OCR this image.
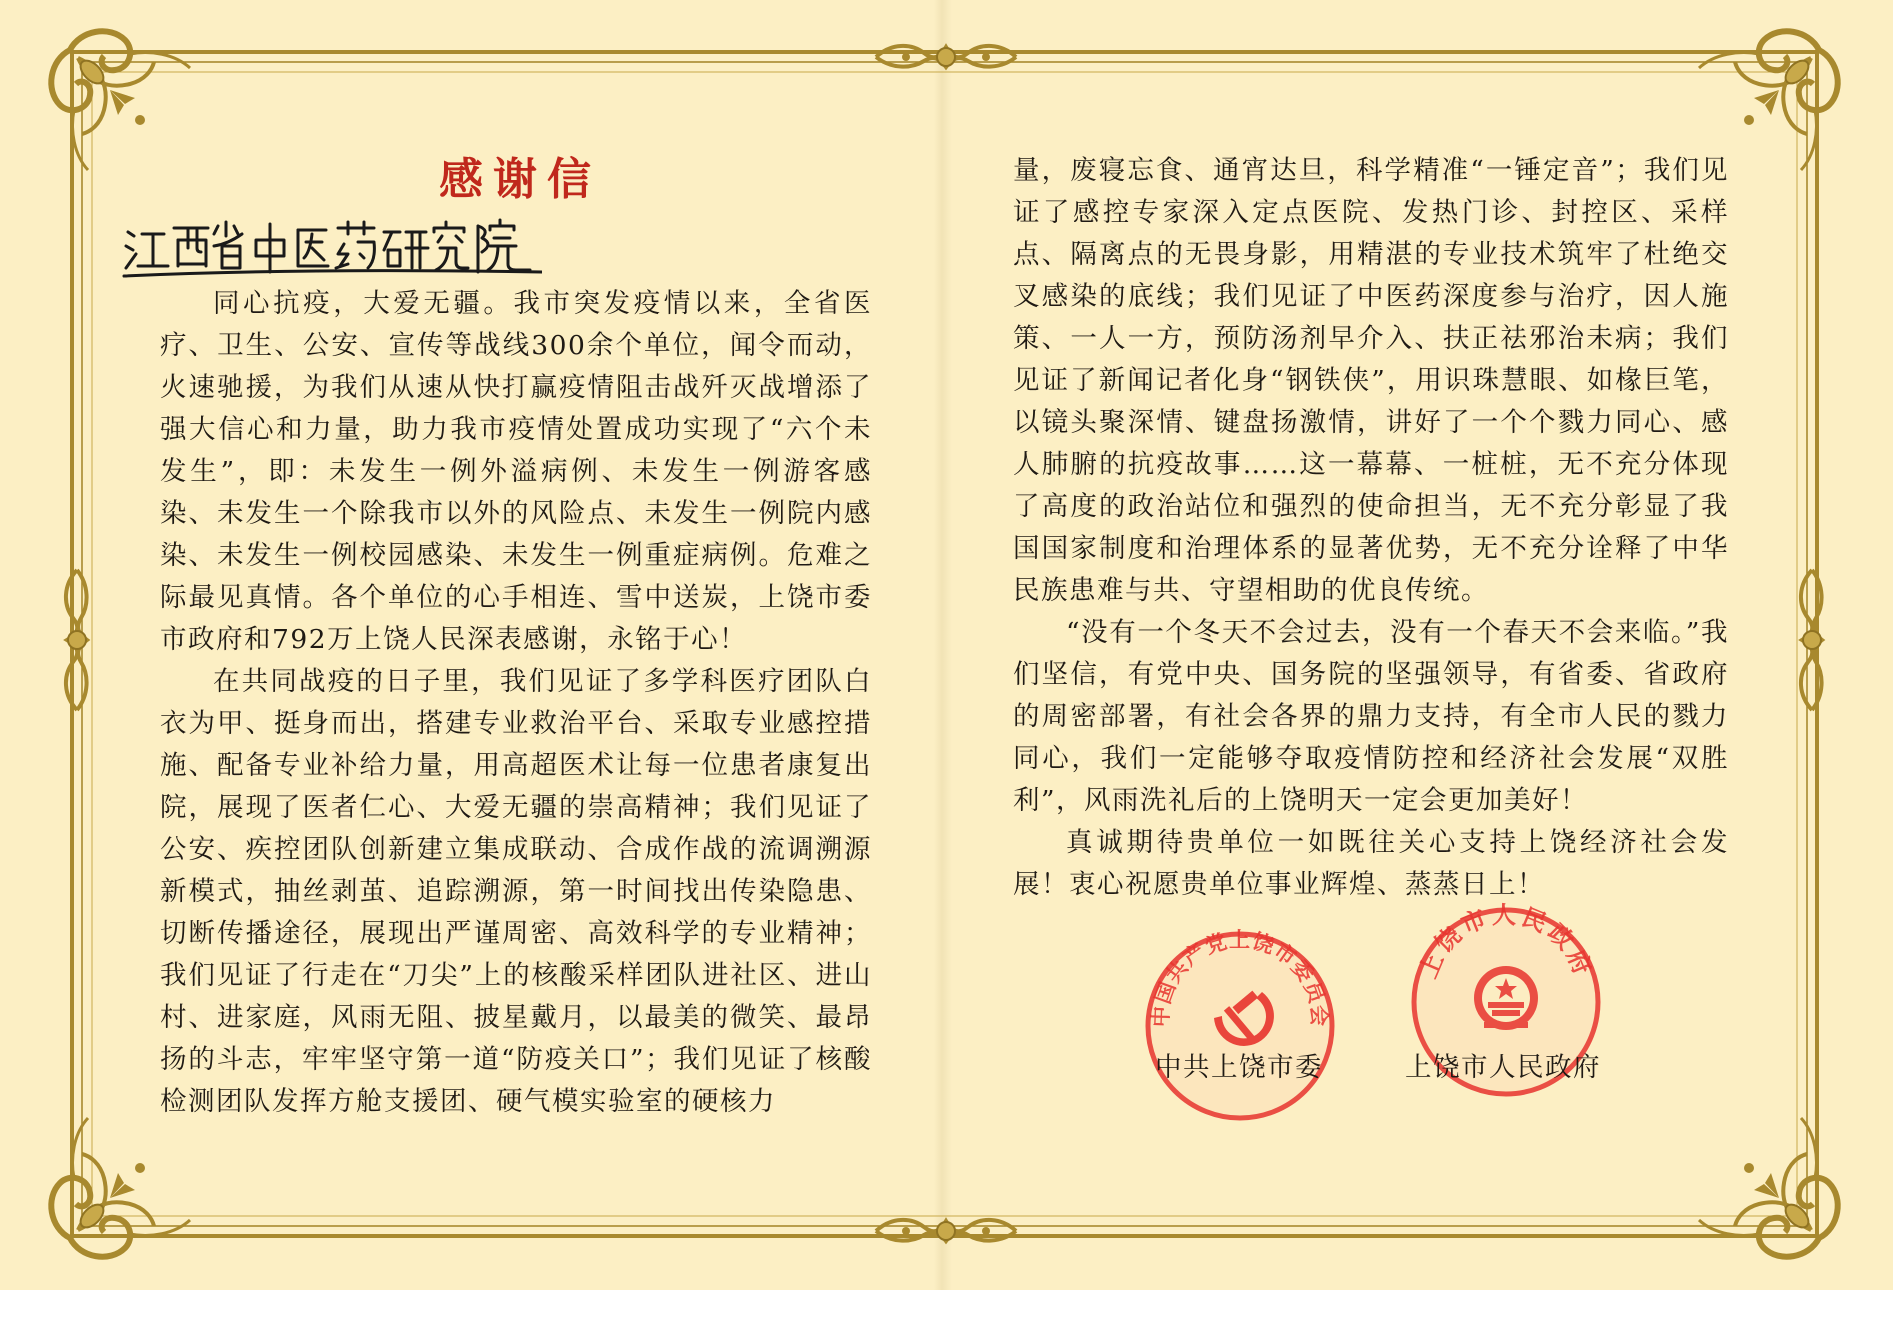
感谢信

同心抗疫，大爱无疆。我市突发疫情以来，全省医疗、卫生、公安、宣传等战线300余个单位，闻令而动，火速驰援，为我们从速从快打赢疫情阻击战歼灭战增添了强大信心和力量，助力我市疫情处置成功实现了“六个未发生”，即：未发生一例外溢病例、未发生一例游客感染、未发生一个除我市以外的风险点、未发生一例院内感染、未发生一例校园感染、未发生一例重症病例。危难之际最见真情。各个单位的心手相连、雪中送炭，上饶市委市政府和792万上饶人民深表感谢，永铭于心！

在共同战疫的日子里，我们见证了多学科医疗团队白衣为甲、挺身而出，搭建专业救治平台、采取专业感控措施、配备专业补给力量，用高超医术让每一位患者康复出院，展现了医者仁心、大爱无疆的崇高精神；我们见证了公安、疾控团队创新建立集成联动、合成作战的流调溯源新模式，抽丝剥茧、追踪溯源，第一时间找出传染隐患、切断传播途径，展现出严谨周密、高效科学的专业精神；我们见证了行走在“刀尖”上的核酸采样团队进社区、进山村、进家庭，风雨无阻、披星戴月，以最美的微笑、最昂扬的斗志，牢牢坚守第一道“防疫关口”；我们见证了核酸检测团队发挥方舱支援团、硬气模实验室的硬核力

量，废寝忘食、通宵达旦，科学精准“一锤定音”；我们见证了感控专家深入定点医院、发热门诊、封控区、采样点、隔离点的无畏身影，用精湛的专业技术筑牢了杜绝交叉感染的底线；我们见证了中医药深度参与治疗，因人施策、一人一方，预防汤剂早介入、扶正祛邪治未病；我们见证了新闻记者化身“钢铁侠”，用识珠慧眼、如椽巨笔，以镜头聚深情、键盘扬激情，讲好了一个个戮力同心、感人肺腑的抗疫故事……这一幕幕、一桩桩，无不充分体现了高度的政治站位和强烈的使命担当，无不充分彰显了我国国家制度和治理体系的显著优势，无不充分诠释了中华民族患难与共、守望相助的优良传统。

“没有一个冬天不会过去，没有一个春天不会来临。”我们坚信，有党中央、国务院的坚强领导，有省委、省政府的周密部署，有社会各界的鼎力支持，有全市人民的戮力同心，我们一定能够夺取疫情防控和经济社会发展“双胜利”，风雨洗礼后的上饶明天一定会更加美好！

真诚期待贵单位一如既往关心支持上饶经济社会发展！衷心祝愿贵单位事业辉煌、蒸蒸日上！

中国共产党上饶市委员会
上饶市人民政府
中共上饶市委	上饶市人民政府
